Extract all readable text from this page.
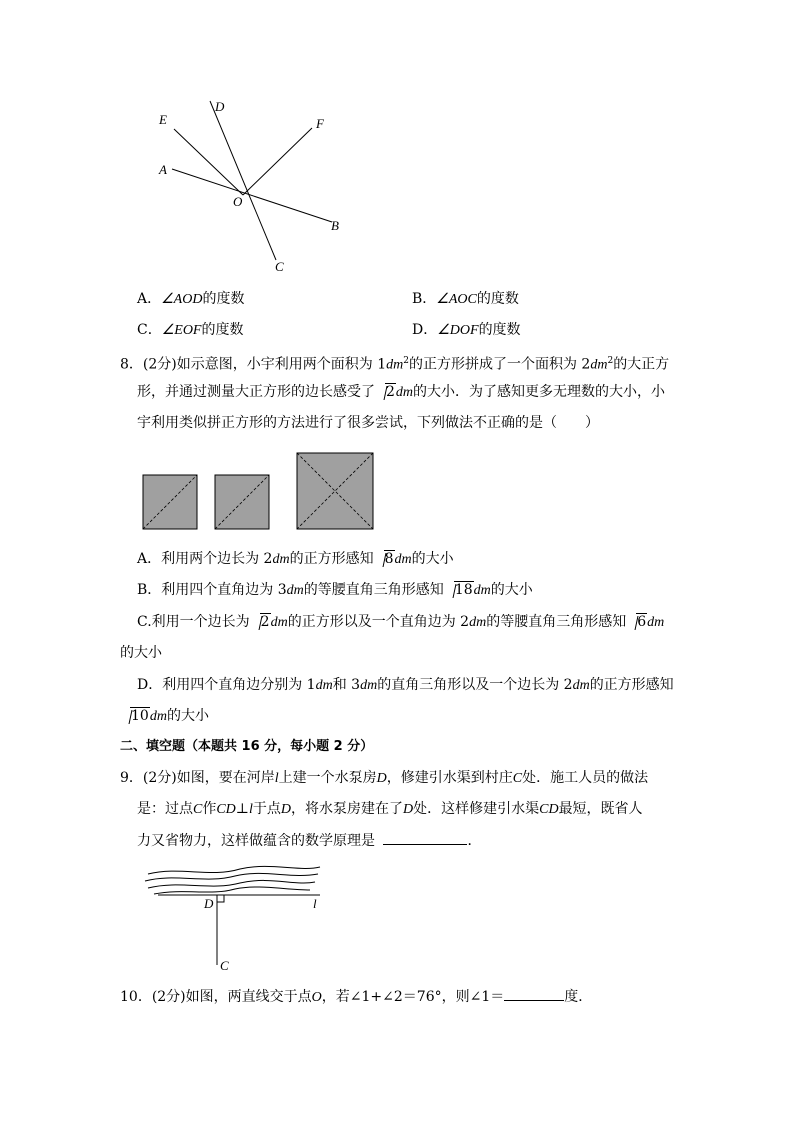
E
D
F
A
O
B
C
A．∠AOD的度数	B．∠AOC的度数
C．∠EOF的度数	D．∠DOF的度数
8．(2分)如示意图，小宇利用两个面积为 $1dm^2$的正方形拼成了一个面积为 $2dm^2$的大正方
形，并通过测量大正方形的边长感受了 2dm的大小．为了感知更多无理数的大小，小
宇利用类似拼正方形的方法进行了很多尝试，下列做法不正确的是（　　）
A．利用两个边长为 2dm的正方形感知 8dm的大小
B．利用四个直角边为 3dm的等腰直角三角形感知 18dm的大小
C.利用一个边长为 2dm的正方形以及一个直角边为 2dm的等腰直角三角形感知 6dm
的大小
D．利用四个直角边分别为 1dm和 3dm的直角三角形以及一个边长为 2dm的正方形感知
10dm的大小
二、填空题（本题共 16 分，每小题 2 分）
9．(2分)如图，要在河岸l上建一个水泵房D，修建引水渠到村庄C处．施工人员的做法
是：过点C作CD⊥l于点D，将水泵房建在了D处．这样修建引水渠CD最短，既省人
力又省物力，这样做蕴含的数学原理是	．
D	l
C
10．(2分)如图，两直线交于点O，若∠1+∠2＝76°，则∠1＝	度．
